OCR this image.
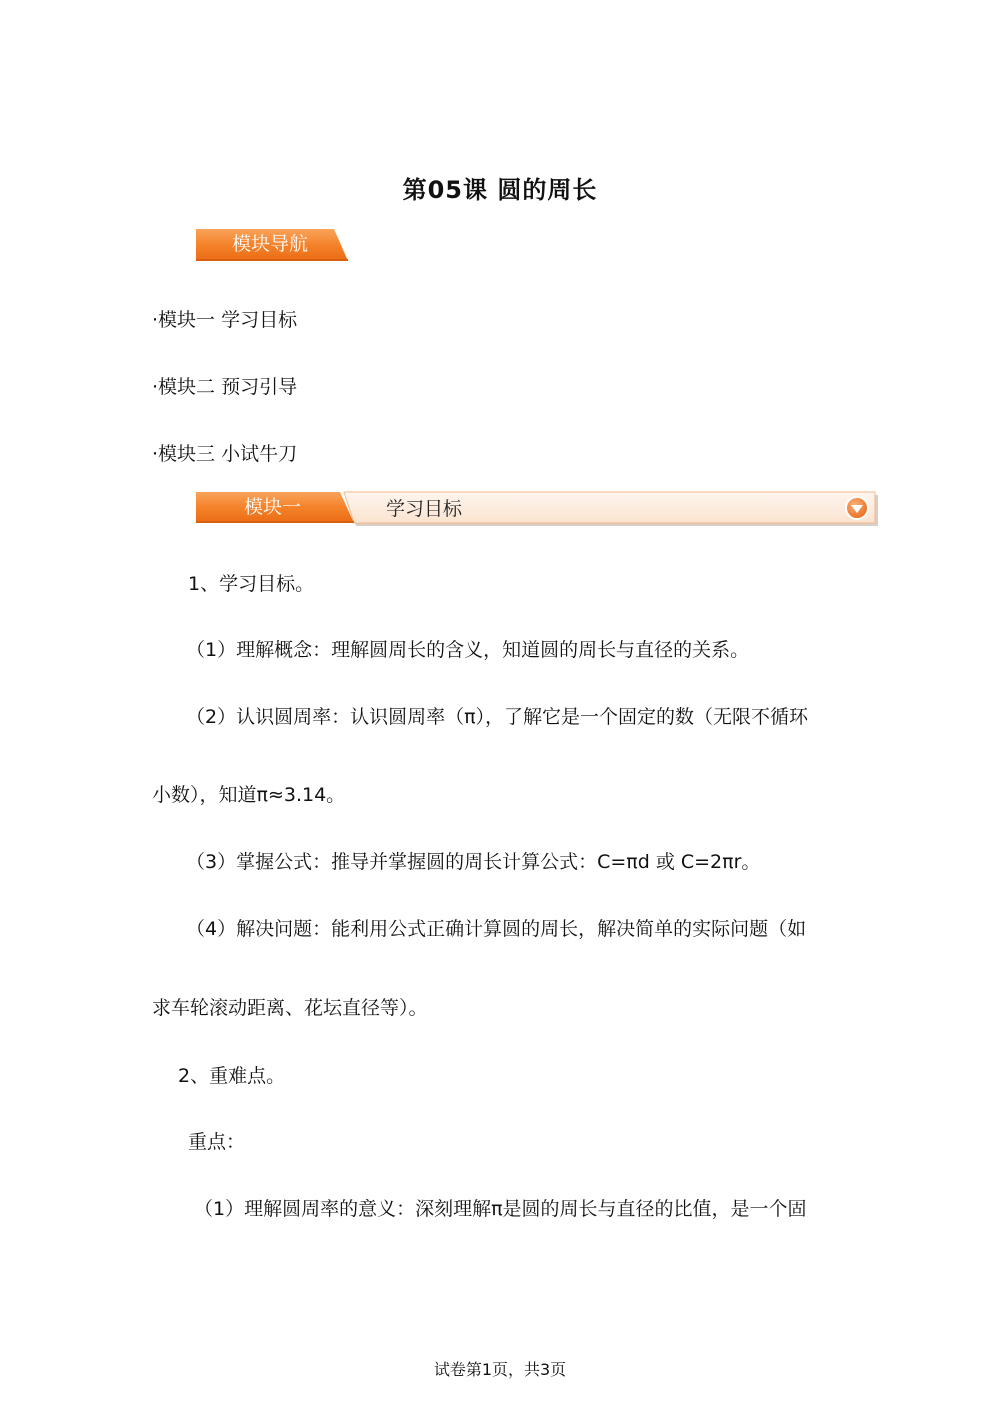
第05课 圆的周长
模块导航
·模块一 学习目标
·模块二 预习引导
·模块三 小试牛刀
模块一	学习目标
1、学习目标。
（1）理解概念：理解圆周长的含义，知道圆的周长与直径的关系。
（2）认识圆周率：认识圆周率（π），了解它是一个固定的数（无限不循环
小数），知道π≈3.14。
（3）掌握公式：推导并掌握圆的周长计算公式：C=πd 或 C=2πr。
（4）解决问题：能利用公式正确计算圆的周长，解决简单的实际问题（如
求车轮滚动距离、花坛直径等）。
2、重难点。
重点：
（1）理解圆周率的意义：深刻理解π是圆的周长与直径的比值，是一个固
试卷第1页，共3页
